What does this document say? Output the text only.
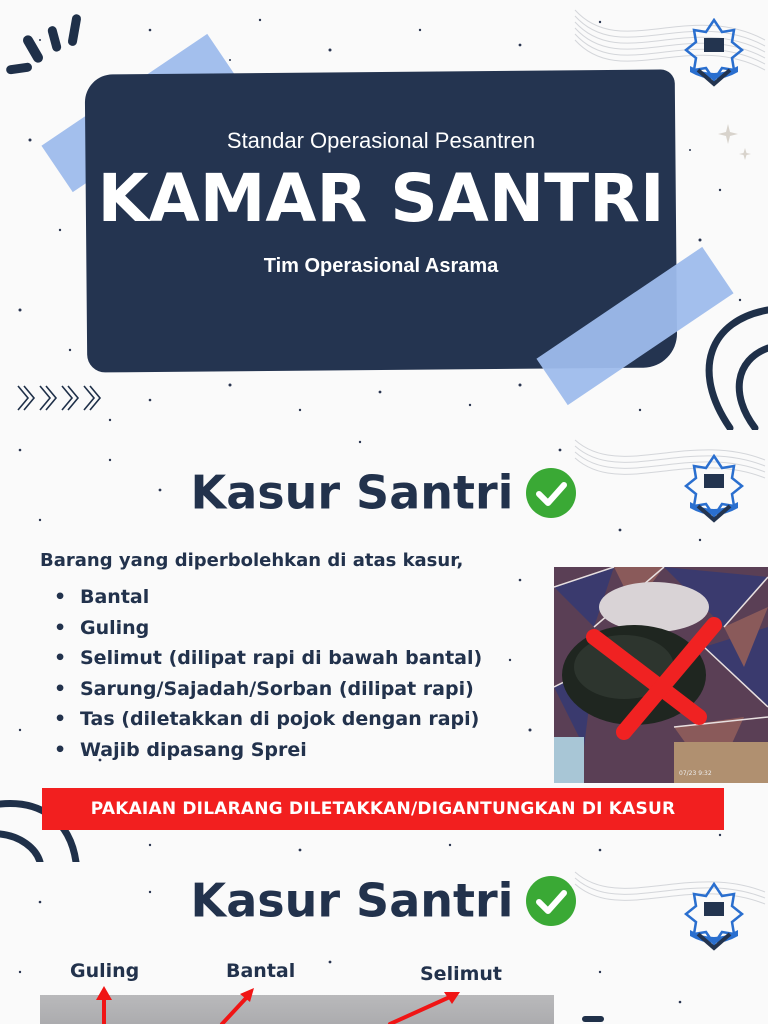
Standar Operasional Pesantren
KAMAR SANTRI
Tim Operasional Asrama
Kasur Santri
Barang yang diperbolehkan di atas kasur,
• Bantal
• Guling
• Selimut (dilipat rapi di bawah bantal)
• Sarung/Sajadah/Sorban (dilipat rapi)
• Tas (diletakkan di pojok dengan rapi)
• Wajib dipasang Sprei
07/23 9:32
PAKAIAN DILARANG DILETAKKAN/DIGANTUNGKAN DI KASUR
Kasur Santri
Guling	Bantal	Selimut
